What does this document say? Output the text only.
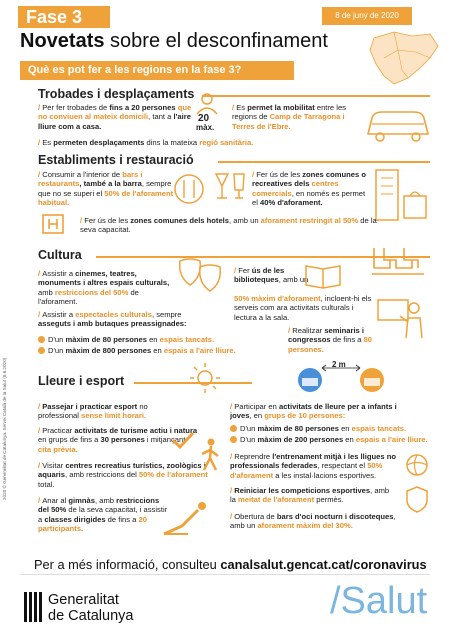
Fase 3	8 de juny de 2020
Novetats sobre el desconfinament
Què es pot fer a les regions en la fase 3?
Trobades i desplaçaments
/ Per fer trobades de fins a 20 persones que no conviuen al mateix domicili, tant a l'aire lliure com a casa.
/ Es permeten desplaçaments dins la mateixa regió sanitària.
20
màx.
/ Es permet la mobilitat entre les regions de Camp de Tarragona i Terres de l'Ebre.
Establiments i restauració
/ Consumir a l'interior de bars i restaurants, també a la barra, sempre que no se superi el 50% de l'aforament habitual.
/ Fer ús de les zones comunes o recreatives dels centres comercials, en només es permet el 40% d'aforament.
/ Fer ús de les zones comunes dels hotels, amb un aforament restringit al 50% de la seva capacitat.
Cultura
/ Assistir a cinemes, teatres, monuments i altres espais culturals, amb restriccions del 50% de l'aforament.
/ Assistir a espectacles culturals, sempre asseguts i amb butaques preassignades:
D'un màxim de 80 persones en espais tancats.
D'un màxim de 800 persones en espais a l'aire lliure.
/ Fer ús de les biblioteques, amb un
50% màxim d'aforament, incloent-hi els serveis com ara activitats culturals i lectura a la sala.
/ Realitzar seminaris i congressos de fins a 80 persones.
Lleure i esport
2 m
/ Passejar i practicar esport no professional sense límit horari.
/ Practicar activitats de turisme actiu i natura en grups de fins a 30 persones i mitjançant cita prèvia.
/ Visitar centres recreatius turístics, zoològics i aquaris, amb restriccions del 50% de l'aforament total.
/ Anar al gimnàs, amb restriccions del 50% de la seva capacitat, i assistir a classes dirigides de fins a 20 participants.
/ Participar en activitats de lleure per a infants i joves, en grups de 10 persones:
D'un màxim de 80 persones en espais tancats.
D'un màxim de 200 persones en espais a l'aire lliure.
/ Reprendre l'entrenament mitjà i les lligues no professionals federades, respectant el 50% d'aforament a les instal·lacions esportives.
/ Reiniciar les competicions esportives, amb la meitat de l'aforament permès.
/ Obertura de bars d'oci nocturn i discoteques, amb un aforament màxim del 30%.
2020 © Generalitat de Catalunya. Servei Català de la Salut (8.6.2020)
Per a més informació, consulteu canalsalut.gencat.cat/coronavirus
Generalitat
de Catalunya	/Salut
